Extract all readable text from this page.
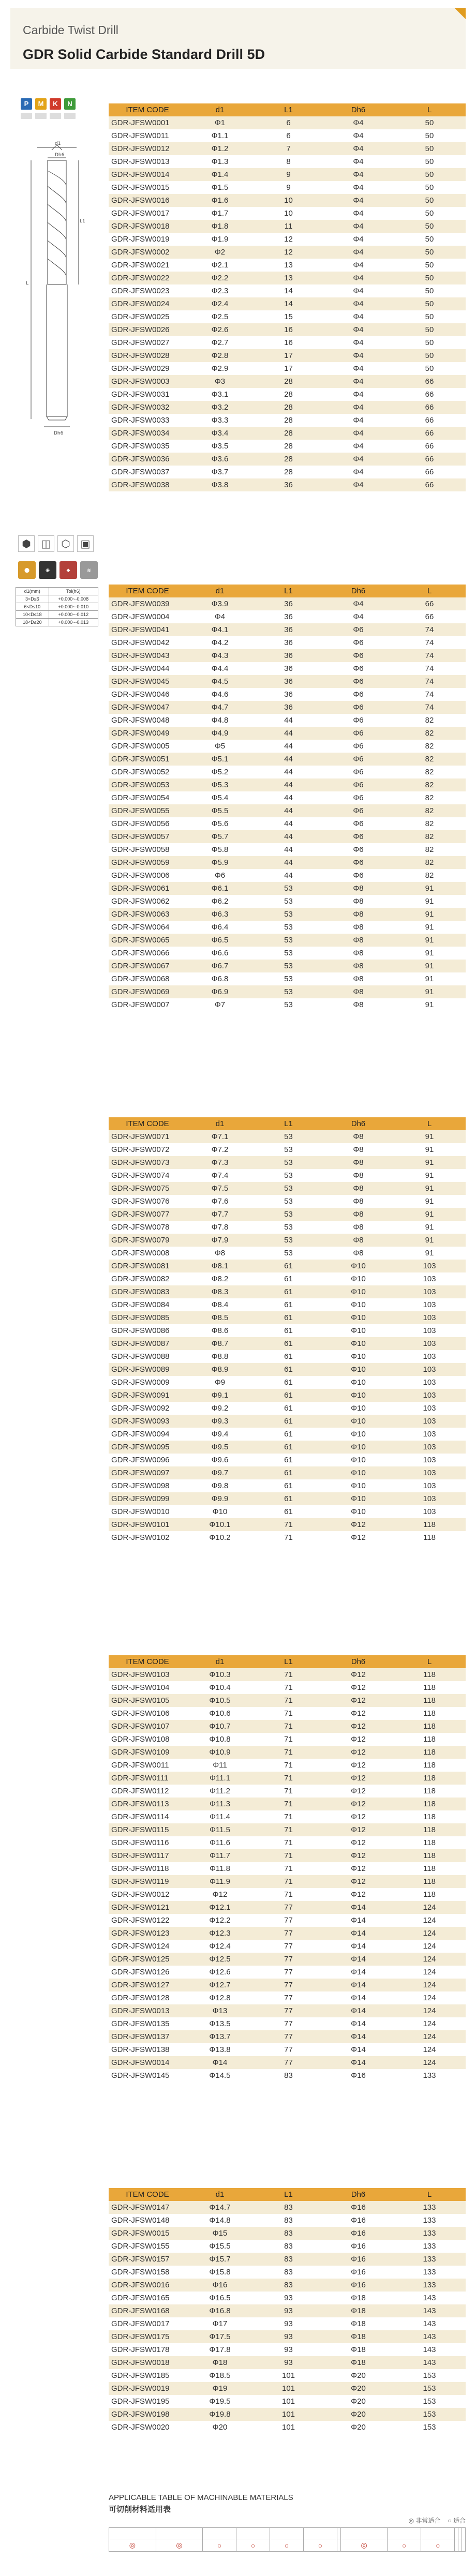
Carbide Twist Drill
GDR Solid Carbide Standard Drill 5D
P	M	K	N
d1
Dh6
L1
L
Dh6
⬢ ◫ ⬡ ▣
⬤	◉	◆	≋
d1(mm)	Tol(h6)
3<D≤6	+0.000~-0.008
6<D≤10	+0.000~-0.010
10<D≤18	+0.000~-0.012
18<D≤20	+0.000~-0.013
ITEM CODE	d1	L1	Dh6	L
GDR-JFSW0001	Φ1	6	Φ4	50
GDR-JFSW0011	Φ1.1	6	Φ4	50
GDR-JFSW0012	Φ1.2	7	Φ4	50
GDR-JFSW0013	Φ1.3	8	Φ4	50
GDR-JFSW0014	Φ1.4	9	Φ4	50
GDR-JFSW0015	Φ1.5	9	Φ4	50
GDR-JFSW0016	Φ1.6	10	Φ4	50
GDR-JFSW0017	Φ1.7	10	Φ4	50
GDR-JFSW0018	Φ1.8	11	Φ4	50
GDR-JFSW0019	Φ1.9	12	Φ4	50
GDR-JFSW0002	Φ2	12	Φ4	50
GDR-JFSW0021	Φ2.1	13	Φ4	50
GDR-JFSW0022	Φ2.2	13	Φ4	50
GDR-JFSW0023	Φ2.3	14	Φ4	50
GDR-JFSW0024	Φ2.4	14	Φ4	50
GDR-JFSW0025	Φ2.5	15	Φ4	50
GDR-JFSW0026	Φ2.6	16	Φ4	50
GDR-JFSW0027	Φ2.7	16	Φ4	50
GDR-JFSW0028	Φ2.8	17	Φ4	50
GDR-JFSW0029	Φ2.9	17	Φ4	50
GDR-JFSW0003	Φ3	28	Φ4	66
GDR-JFSW0031	Φ3.1	28	Φ4	66
GDR-JFSW0032	Φ3.2	28	Φ4	66
GDR-JFSW0033	Φ3.3	28	Φ4	66
GDR-JFSW0034	Φ3.4	28	Φ4	66
GDR-JFSW0035	Φ3.5	28	Φ4	66
GDR-JFSW0036	Φ3.6	28	Φ4	66
GDR-JFSW0037	Φ3.7	28	Φ4	66
GDR-JFSW0038	Φ3.8	36	Φ4	66
ITEM CODE	d1	L1	Dh6	L
GDR-JFSW0039	Φ3.9	36	Φ4	66
GDR-JFSW0004	Φ4	36	Φ4	66
GDR-JFSW0041	Φ4.1	36	Φ6	74
GDR-JFSW0042	Φ4.2	36	Φ6	74
GDR-JFSW0043	Φ4.3	36	Φ6	74
GDR-JFSW0044	Φ4.4	36	Φ6	74
GDR-JFSW0045	Φ4.5	36	Φ6	74
GDR-JFSW0046	Φ4.6	36	Φ6	74
GDR-JFSW0047	Φ4.7	36	Φ6	74
GDR-JFSW0048	Φ4.8	44	Φ6	82
GDR-JFSW0049	Φ4.9	44	Φ6	82
GDR-JFSW0005	Φ5	44	Φ6	82
GDR-JFSW0051	Φ5.1	44	Φ6	82
GDR-JFSW0052	Φ5.2	44	Φ6	82
GDR-JFSW0053	Φ5.3	44	Φ6	82
GDR-JFSW0054	Φ5.4	44	Φ6	82
GDR-JFSW0055	Φ5.5	44	Φ6	82
GDR-JFSW0056	Φ5.6	44	Φ6	82
GDR-JFSW0057	Φ5.7	44	Φ6	82
GDR-JFSW0058	Φ5.8	44	Φ6	82
GDR-JFSW0059	Φ5.9	44	Φ6	82
GDR-JFSW0006	Φ6	44	Φ6	82
GDR-JFSW0061	Φ6.1	53	Φ8	91
GDR-JFSW0062	Φ6.2	53	Φ8	91
GDR-JFSW0063	Φ6.3	53	Φ8	91
GDR-JFSW0064	Φ6.4	53	Φ8	91
GDR-JFSW0065	Φ6.5	53	Φ8	91
GDR-JFSW0066	Φ6.6	53	Φ8	91
GDR-JFSW0067	Φ6.7	53	Φ8	91
GDR-JFSW0068	Φ6.8	53	Φ8	91
GDR-JFSW0069	Φ6.9	53	Φ8	91
GDR-JFSW0007	Φ7	53	Φ8	91
ITEM CODE	d1	L1	Dh6	L
GDR-JFSW0071	Φ7.1	53	Φ8	91
GDR-JFSW0072	Φ7.2	53	Φ8	91
GDR-JFSW0073	Φ7.3	53	Φ8	91
GDR-JFSW0074	Φ7.4	53	Φ8	91
GDR-JFSW0075	Φ7.5	53	Φ8	91
GDR-JFSW0076	Φ7.6	53	Φ8	91
GDR-JFSW0077	Φ7.7	53	Φ8	91
GDR-JFSW0078	Φ7.8	53	Φ8	91
GDR-JFSW0079	Φ7.9	53	Φ8	91
GDR-JFSW0008	Φ8	53	Φ8	91
GDR-JFSW0081	Φ8.1	61	Φ10	103
GDR-JFSW0082	Φ8.2	61	Φ10	103
GDR-JFSW0083	Φ8.3	61	Φ10	103
GDR-JFSW0084	Φ8.4	61	Φ10	103
GDR-JFSW0085	Φ8.5	61	Φ10	103
GDR-JFSW0086	Φ8.6	61	Φ10	103
GDR-JFSW0087	Φ8.7	61	Φ10	103
GDR-JFSW0088	Φ8.8	61	Φ10	103
GDR-JFSW0089	Φ8.9	61	Φ10	103
GDR-JFSW0009	Φ9	61	Φ10	103
GDR-JFSW0091	Φ9.1	61	Φ10	103
GDR-JFSW0092	Φ9.2	61	Φ10	103
GDR-JFSW0093	Φ9.3	61	Φ10	103
GDR-JFSW0094	Φ9.4	61	Φ10	103
GDR-JFSW0095	Φ9.5	61	Φ10	103
GDR-JFSW0096	Φ9.6	61	Φ10	103
GDR-JFSW0097	Φ9.7	61	Φ10	103
GDR-JFSW0098	Φ9.8	61	Φ10	103
GDR-JFSW0099	Φ9.9	61	Φ10	103
GDR-JFSW0010	Φ10	61	Φ10	103
GDR-JFSW0101	Φ10.1	71	Φ12	118
GDR-JFSW0102	Φ10.2	71	Φ12	118
ITEM CODE	d1	L1	Dh6	L
GDR-JFSW0103	Φ10.3	71	Φ12	118
GDR-JFSW0104	Φ10.4	71	Φ12	118
GDR-JFSW0105	Φ10.5	71	Φ12	118
GDR-JFSW0106	Φ10.6	71	Φ12	118
GDR-JFSW0107	Φ10.7	71	Φ12	118
GDR-JFSW0108	Φ10.8	71	Φ12	118
GDR-JFSW0109	Φ10.9	71	Φ12	118
GDR-JFSW0011	Φ11	71	Φ12	118
GDR-JFSW0111	Φ11.1	71	Φ12	118
GDR-JFSW0112	Φ11.2	71	Φ12	118
GDR-JFSW0113	Φ11.3	71	Φ12	118
GDR-JFSW0114	Φ11.4	71	Φ12	118
GDR-JFSW0115	Φ11.5	71	Φ12	118
GDR-JFSW0116	Φ11.6	71	Φ12	118
GDR-JFSW0117	Φ11.7	71	Φ12	118
GDR-JFSW0118	Φ11.8	71	Φ12	118
GDR-JFSW0119	Φ11.9	71	Φ12	118
GDR-JFSW0012	Φ12	71	Φ12	118
GDR-JFSW0121	Φ12.1	77	Φ14	124
GDR-JFSW0122	Φ12.2	77	Φ14	124
GDR-JFSW0123	Φ12.3	77	Φ14	124
GDR-JFSW0124	Φ12.4	77	Φ14	124
GDR-JFSW0125	Φ12.5	77	Φ14	124
GDR-JFSW0126	Φ12.6	77	Φ14	124
GDR-JFSW0127	Φ12.7	77	Φ14	124
GDR-JFSW0128	Φ12.8	77	Φ14	124
GDR-JFSW0013	Φ13	77	Φ14	124
GDR-JFSW0135	Φ13.5	77	Φ14	124
GDR-JFSW0137	Φ13.7	77	Φ14	124
GDR-JFSW0138	Φ13.8	77	Φ14	124
GDR-JFSW0014	Φ14	77	Φ14	124
GDR-JFSW0145	Φ14.5	83	Φ16	133
ITEM CODE	d1	L1	Dh6	L
GDR-JFSW0147	Φ14.7	83	Φ16	133
GDR-JFSW0148	Φ14.8	83	Φ16	133
GDR-JFSW0015	Φ15	83	Φ16	133
GDR-JFSW0155	Φ15.5	83	Φ16	133
GDR-JFSW0157	Φ15.7	83	Φ16	133
GDR-JFSW0158	Φ15.8	83	Φ16	133
GDR-JFSW0016	Φ16	83	Φ16	133
GDR-JFSW0165	Φ16.5	93	Φ18	143
GDR-JFSW0168	Φ16.8	93	Φ18	143
GDR-JFSW0017	Φ17	93	Φ18	143
GDR-JFSW0175	Φ17.5	93	Φ18	143
GDR-JFSW0178	Φ17.8	93	Φ18	143
GDR-JFSW0018	Φ18	93	Φ18	143
GDR-JFSW0185	Φ18.5	101	Φ20	153
GDR-JFSW0019	Φ19	101	Φ20	153
GDR-JFSW0195	Φ19.5	101	Φ20	153
GDR-JFSW0198	Φ19.8	101	Φ20	153
GDR-JFSW0020	Φ20	101	Φ20	153
APPLICABLE TABLE OF MACHINABLE MATERIALS
可切削材料适用表
◎ 非常适合 ○ 适合

◎	◎	○	○	○	○		◎	○	○			
